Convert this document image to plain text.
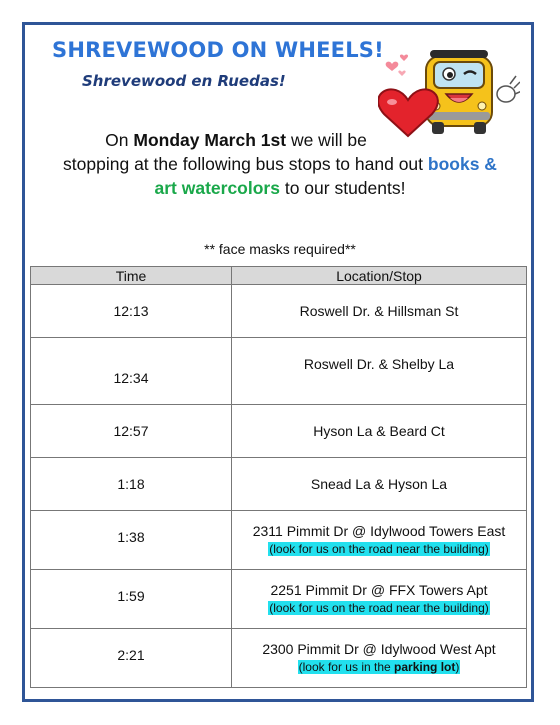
SHREVEWOOD ON WHEELS!
Shrevewood en Ruedas!

On Monday March 1st we will be
stopping at the following bus stops to hand out books &
art watercolors to our students!

** face masks required**

Time	Location/Stop
12:13	Roswell Dr. & Hillsman St
12:34	Roswell Dr. & Shelby La
12:57	Hyson La & Beard Ct
1:18	Snead La & Hyson La
1:38	2311 Pimmit Dr @ Idylwood Towers East
(look for us on the road near the building)
1:59	2251 Pimmit Dr @ FFX Towers Apt
(look for us on the road near the building)
2:21	2300 Pimmit Dr @ Idylwood West Apt
(look for us in the parking lot)
